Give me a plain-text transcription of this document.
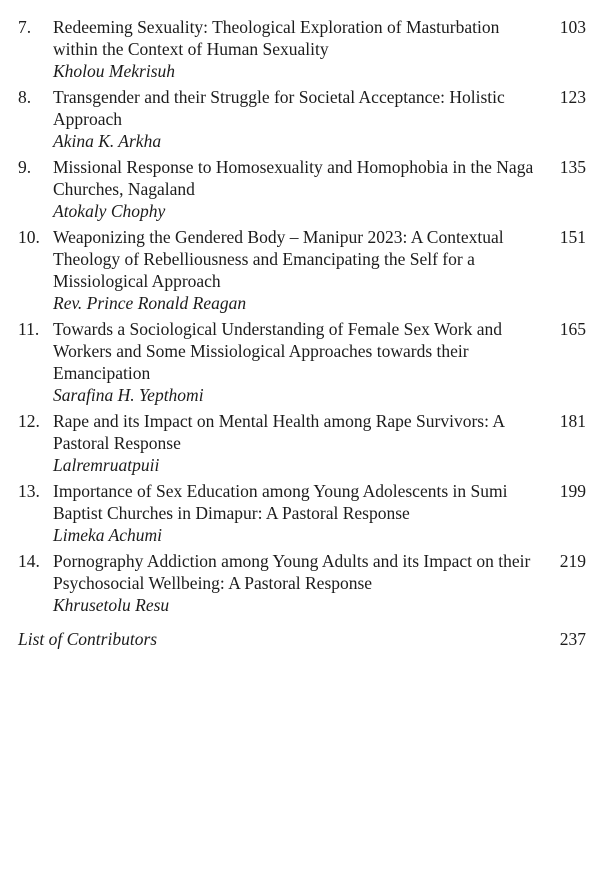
7.	Redeeming Sexuality: Theological Exploration of Masturbation within the Context of Human Sexuality
Kholou Mekrisuh
103
8.	Transgender and their Struggle for Societal Acceptance: Holistic Approach
Akina K. Arkha
123
9.	Missional Response to Homosexuality and Homophobia in the Naga Churches, Nagaland
Atokaly Chophy
135
10. Weaponizing the Gendered Body – Manipur 2023: A Contextual Theology of Rebelliousness and Emancipating the Self for a Missiological Approach
Rev. Prince Ronald Reagan
151
11. Towards a Sociological Understanding of Female Sex Work and Workers and Some Missiological Approaches towards their Emancipation
Sarafina H. Yepthomi
165
12. Rape and its Impact on Mental Health among Rape Survivors: A Pastoral Response
Lalremruatpuii
181
13. Importance of Sex Education among Young Adolescents in Sumi Baptist Churches in Dimapur: A Pastoral Response
Limeka Achumi
199
14. Pornography Addiction among Young Adults and its Impact on their Psychosocial Wellbeing: A Pastoral Response
Khrusetolu Resu
219
List of Contributors	237
